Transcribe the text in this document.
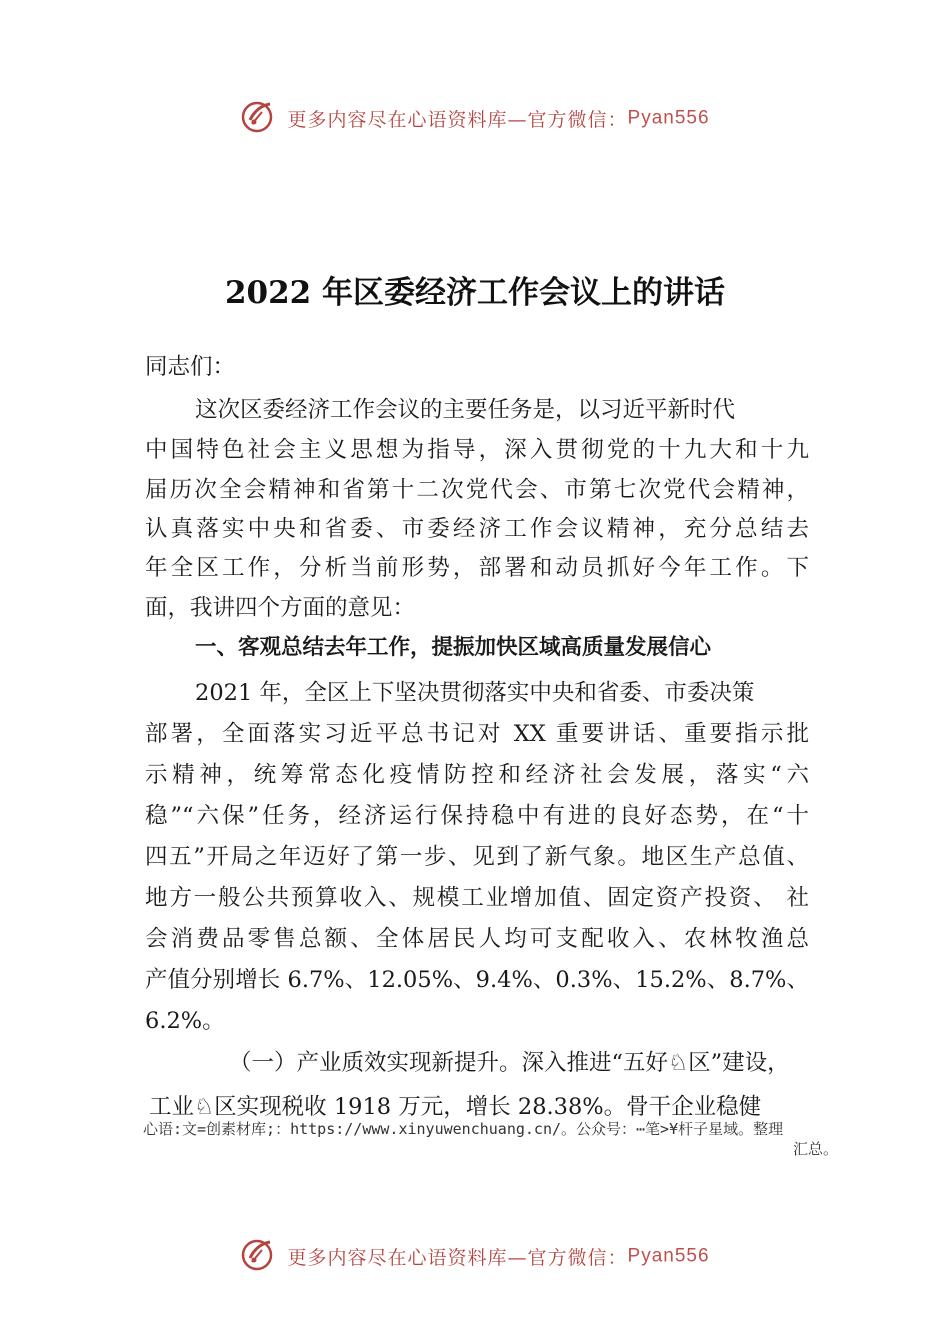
更多内容尽在心语资料库—官方微信：Pyan556
2022 年区委经济工作会议上的讲话
同志们：
这次区委经济工作会议的主要任务是，以习近平新时代
中国特色社会主义思想为指导，深入贯彻党的十九大和十九
届历次全会精神和省第十二次党代会、市第七次党代会精神，
认真落实中央和省委、市委经济工作会议精神，充分总结去
年全区工作，分析当前形势，部署和动员抓好今年工作。下
面，我讲四个方面的意见：
一、客观总结去年工作，提振加快区域高质量发展信心
2021 年，全区上下坚决贯彻落实中央和省委、市委决策
部署，全面落实习近平总书记对 XX 重要讲话、重要指示批
示精神，统筹常态化疫情防控和经济社会发展，落实“六
稳”“六保”任务，经济运行保持稳中有进的良好态势，在“十
四五”开局之年迈好了第一步、见到了新气象。地区生产总值、
地方一般公共预算收入、规模工业增加值、固定资产投资、 社
会消费品零售总额、全体居民人均可支配收入、农林牧渔总
产值分别增长 6.7%、12.05%、9.4%、0.3%、15.2%、8.7%、
6.2%。
（一）产业质效实现新提升。深入推进“五好♘区”建设，
工业♘区实现税收 1918 万元，增长 28.38%。骨干企业稳健
心语:文=创素材库;：https://www.xinyuwenchuang.cn/。公众号：⋯笔>¥杆子星域。整理
汇总。
更多内容尽在心语资料库—官方微信：Pyan556
